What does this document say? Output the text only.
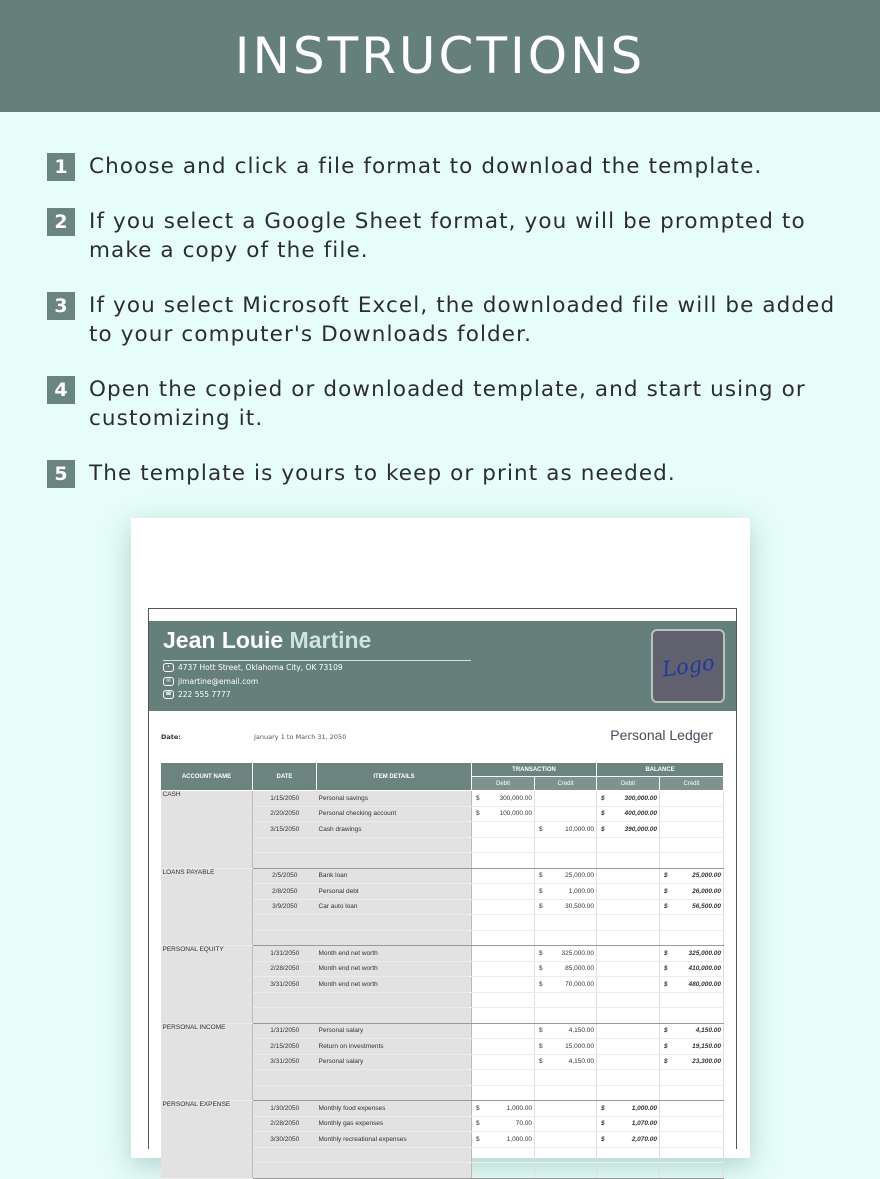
INSTRUCTIONS
1 Choose and click a file format to download the template.
2 If you select a Google Sheet format, you will be prompted to make a copy of the file.
3 If you select Microsoft Excel, the downloaded file will be added to your computer's Downloads folder.
4 Open the copied or downloaded template, and start using or customizing it.
5 The template is yours to keep or print as needed.
Jean Louie Martine
•	4737 Hott Street, Oklahoma City, OK 73109
✉ jlmartine@email.com
☎ 222 555 7777
Logo
Date:	January 1 to March 31, 2050	Personal Ledger
ACCOUNT NAME	DATE	ITEM DETAILS	TRANSACTION		BALANCE	
			Debit	Credit	Debit	Credit
CASH	1/15/2050	Personal savings	$ 300,000.00		$ 300,000.00	

	2/20/2050	Personal checking account	$ 100,000.00		$ 400,000.00	

	3/15/2050	Cash drawings		$ 10,000.00	$ 390,000.00	

LOANS PAYABLE	2/5/2050	Bank loan		$ 25,000.00		$ 25,000.00

	2/8/2050	Personal debt		$ 1,000.00		$ 26,000.00

	3/9/2050	Car auto loan		$ 30,500.00		$ 56,500.00

PERSONAL EQUITY	1/31/2050	Month end net worth		$ 325,000.00		$ 325,000.00

	2/28/2050	Month end net worth		$ 85,000.00		$ 410,000.00

	3/31/2050	Month end net worth		$ 70,000.00		$ 480,000.00

PERSONAL INCOME	1/31/2050	Personal salary		$ 4,150.00		$ 4,150.00

	2/15/2050	Return on investments		$ 15,000.00		$ 19,150.00

	3/31/2050	Personal salary		$ 4,150.00		$ 23,300.00

PERSONAL EXPENSE	1/30/2050	Monthly food expenses	$ 1,000.00		$ 1,000.00	

	2/28/2050	Monthly gas expenses	$ 70.00		$ 1,070.00	

	3/30/2050	Monthly recreational expenses	$ 1,000.00		$ 2,070.00	
